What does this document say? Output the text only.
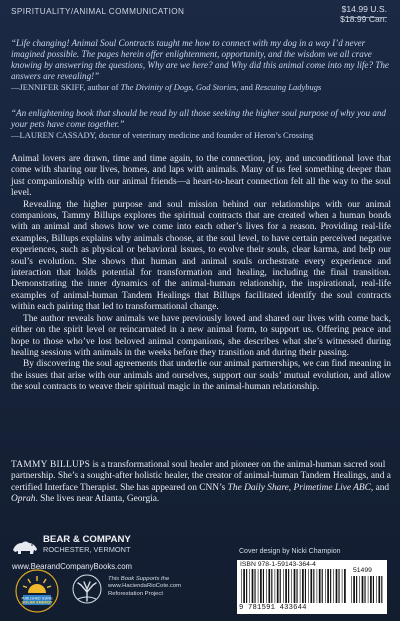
SPIRITUALITY/ANIMAL COMMUNICATION	$14.99 U.S.
$18.99 Can.
“Life changing! Animal Soul Contracts taught me how to connect with my dog in a way I’d never imagined possible. The pages herein offer enlightenment, opportunity, and the wisdom we all crave knowing by answering the questions, Why are we here? and Why did this animal come into my life? The answers are revealing!”
—JENNIFER SKIFF, author of The Divinity of Dogs, God Stories, and Rescuing Ladybugs
“An enlightening book that should be read by all those seeking the higher soul purpose of why you and your pets have come together.”
—LAUREN CASSADY, doctor of veterinary medicine and founder of Heron’s Crossing

Animal lovers are drawn, time and time again, to the connection, joy, and unconditional love that come with sharing our lives, homes, and laps with animals. Many of us feel something deeper than just companionship with our animal friends—a heart-to-heart connection felt all the way to the soul level.

Revealing the higher purpose and soul mission behind our relationships with our animal companions, Tammy Billups explores the spiritual contracts that are created when a human bonds with an animal and shows how we come into each other’s lives for a reason. Providing real-life examples, Billups explains why animals choose, at the soul level, to have certain perceived negative experiences, such as physical or behavioral issues, to evolve their souls, clear karma, and help our soul’s evolution. She shows that human and animal souls orchestrate every experience and interaction that holds potential for transformation and healing, including the final transition. Demonstrating the inner dynamics of the animal-human relationship, the inspirational, real-life examples of animal-human Tandem Healings that Billups facilitated identify the soul contracts within each pairing that led to transformational change.

The author reveals how animals we have previously loved and shared our lives with come back, either on the spirit level or reincarnated in a new animal form, to support us. Offering peace and hope to those who’ve lost beloved animal companions, she describes what she’s witnessed during healing sessions with animals in the weeks before they transition and during their passing.

By discovering the soul agreements that underlie our animal partnerships, we can find meaning in the issues that arise with our animals and ourselves, support our souls’ mutual evolution, and allow the soul contracts to weave their spiritual magic in the animal-human relationship.

TAMMY BILLUPS is a transformational soul healer and pioneer on the animal-human sacred soul partnership. She’s a sought-after holistic healer, the creator of animal-human Tandem Healings, and a certified Interface Therapist. She has appeared on CNN’s The Daily Share, Primetime Live ABC, and Oprah. She lives near Atlanta, Georgia.
BEAR & COMPANY
ROCHESTER, VERMONT
www.BearandCompanyBooks.com
PUBLISHED USING
SOLAR ENERGY
This Book Supports the
www.HaciendaRioCote.com
Reforestation Project
Cover design by Nicki Champion
ISBN 978-1-59143-364-4
9 781591 433644
51499
